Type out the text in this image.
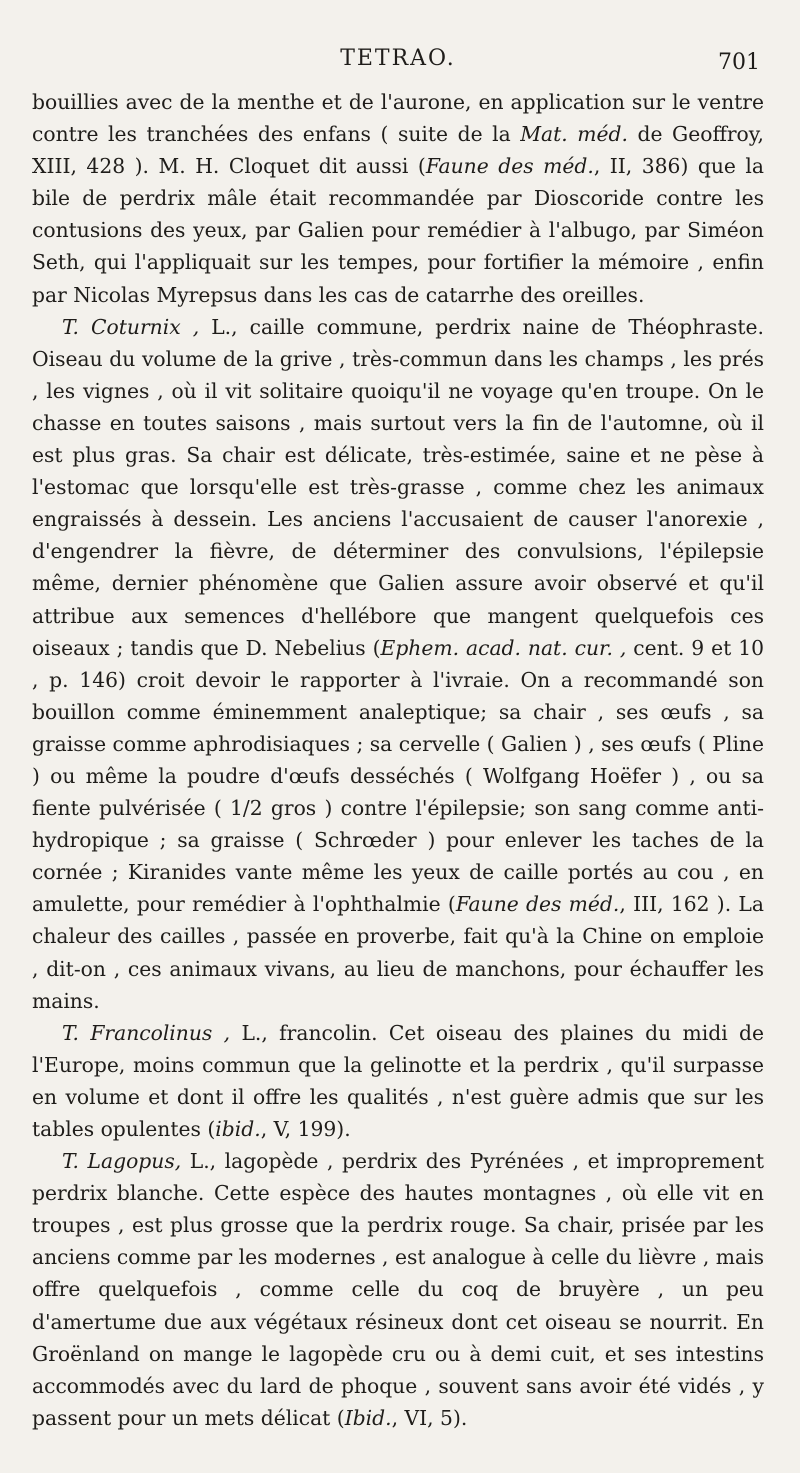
TETRAO.	701

bouillies avec de la menthe et de l'aurone, en application sur le ventre contre les tranchées des enfans ( suite de la Mat. méd. de Geoffroy, XIII, 428 ). M. H. Cloquet dit aussi (Faune des méd., II, 386) que la bile de perdrix mâle était recommandée par Dioscoride contre les contusions des yeux, par Galien pour remédier à l'albugo, par Siméon Seth, qui l'appliquait sur les tempes, pour fortifier la mémoire , enfin par Nicolas Myrepsus dans les cas de catarrhe des oreilles.

T. Coturnix , L., caille commune, perdrix naine de Théophraste. Oiseau du volume de la grive , très-commun dans les champs , les prés , les vignes , où il vit solitaire quoiqu'il ne voyage qu'en troupe. On le chasse en toutes saisons , mais surtout vers la fin de l'automne, où il est plus gras. Sa chair est délicate, très-estimée, saine et ne pèse à l'estomac que lorsqu'elle est très-grasse , comme chez les animaux engraissés à dessein. Les anciens l'accusaient de causer l'anorexie , d'engendrer la fièvre, de déterminer des convulsions, l'épilepsie même, dernier phénomène que Galien assure avoir observé et qu'il attribue aux semences d'hellébore que mangent quelquefois ces oiseaux ; tandis que D. Nebelius (Ephem. acad. nat. cur. , cent. 9 et 10 , p. 146) croit devoir le rapporter à l'ivraie. On a recommandé son bouillon comme éminemment analeptique; sa chair , ses œufs , sa graisse comme aphrodisiaques ; sa cervelle ( Galien ) , ses œufs ( Pline ) ou même la poudre d'œufs desséchés ( Wolfgang Hoëfer ) , ou sa fiente pulvérisée ( 1/2 gros ) contre l'épilepsie; son sang comme anti-hydropique ; sa graisse ( Schrœder ) pour enlever les taches de la cornée ; Kiranides vante même les yeux de caille portés au cou , en amulette, pour remédier à l'ophthalmie (Faune des méd., III, 162 ). La chaleur des cailles , passée en proverbe, fait qu'à la Chine on emploie , dit-on , ces animaux vivans, au lieu de manchons, pour échauffer les mains.

T. Francolinus , L., francolin. Cet oiseau des plaines du midi de l'Europe, moins commun que la gelinotte et la perdrix , qu'il surpasse en volume et dont il offre les qualités , n'est guère admis que sur les tables opulentes (ibid., V, 199).

T. Lagopus, L., lagopède , perdrix des Pyrénées , et improprement perdrix blanche. Cette espèce des hautes montagnes , où elle vit en troupes , est plus grosse que la perdrix rouge. Sa chair, prisée par les anciens comme par les modernes , est analogue à celle du lièvre , mais offre quelquefois , comme celle du coq de bruyère , un peu d'amertume due aux végétaux résineux dont cet oiseau se nourrit. En Groënland on mange le lagopède cru ou à demi cuit, et ses intestins accommodés avec du lard de phoque , souvent sans avoir été vidés , y passent pour un mets délicat (Ibid., VI, 5).
